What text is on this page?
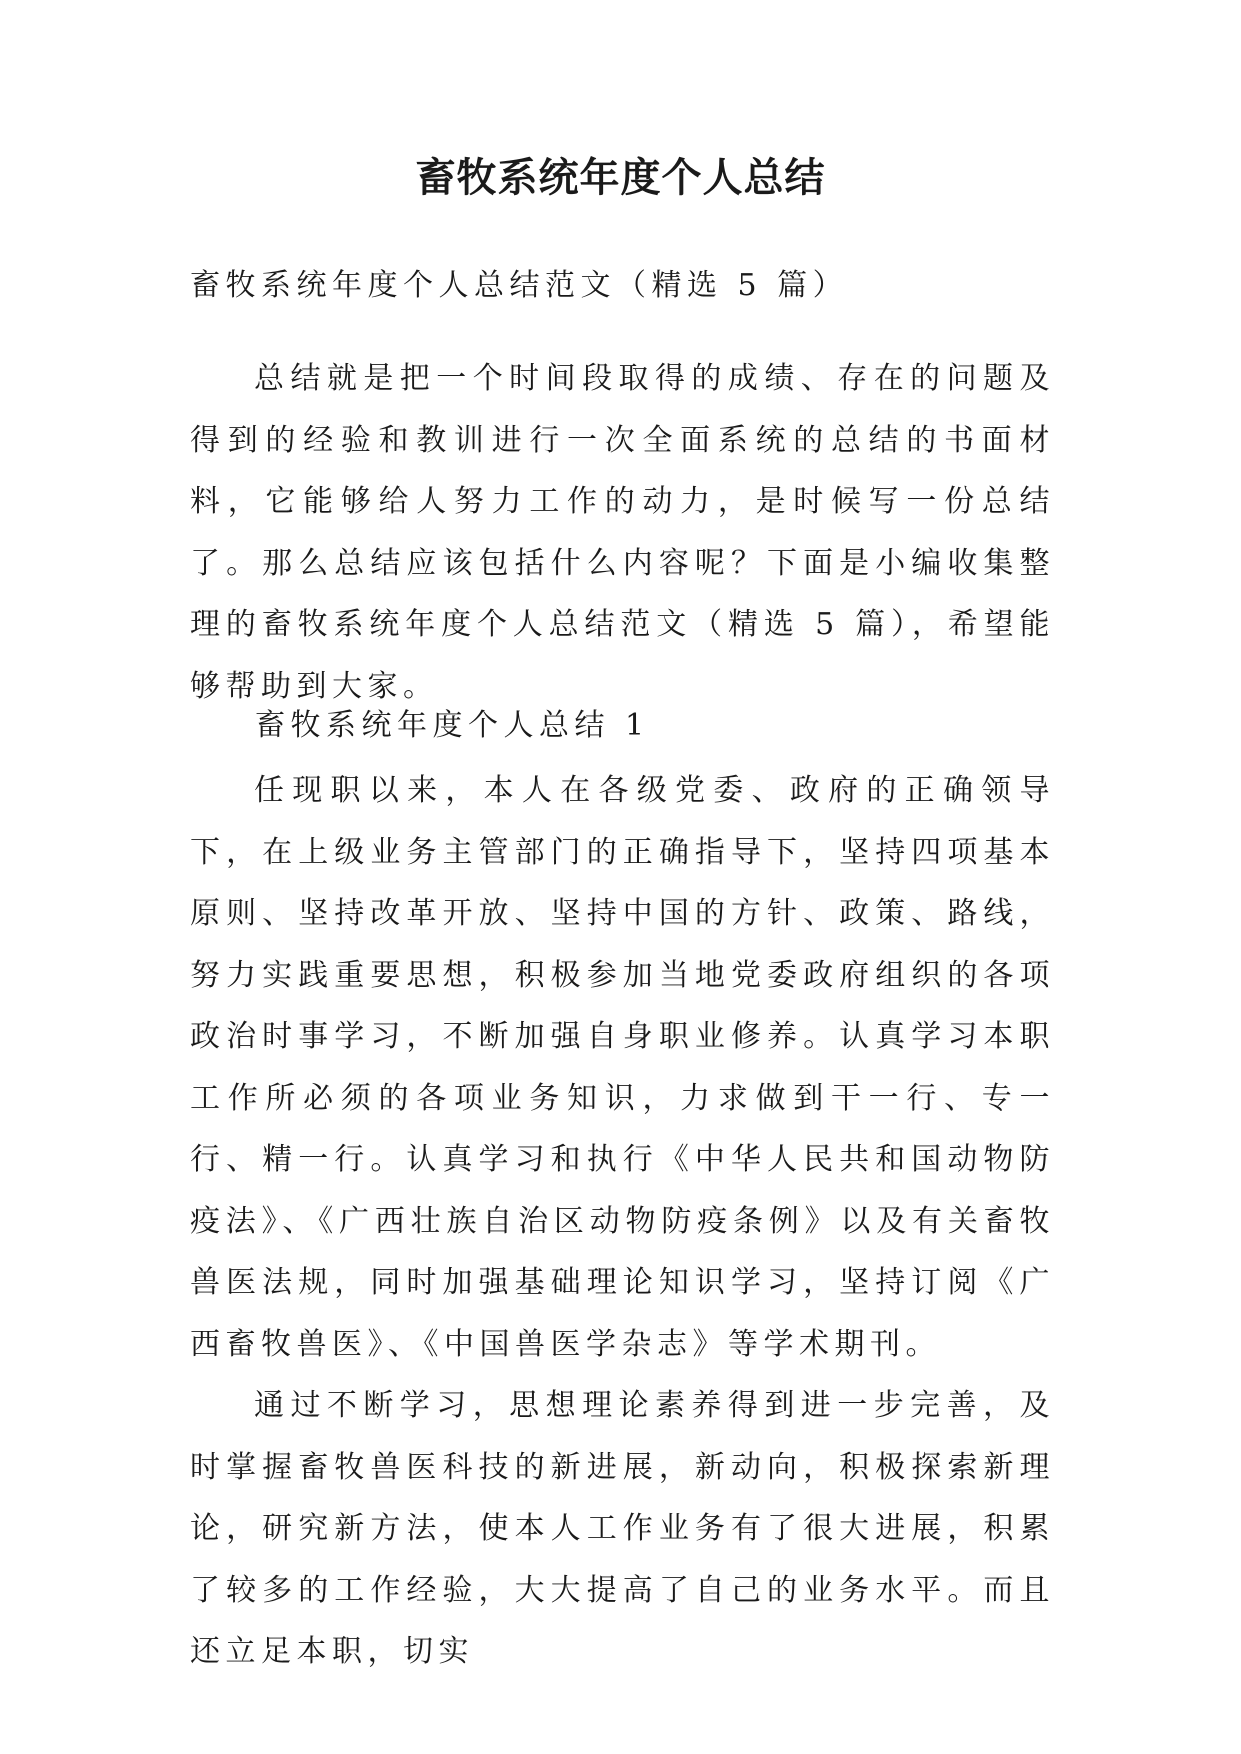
畜牧系统年度个人总结
畜牧系统年度个人总结范文（精选 5 篇）

总结就是把一个时间段取得的成绩、存在的问题及得到的经验和教训进行一次全面系统的总结的书面材料，它能够给人努力工作的动力，是时候写一份总结了。那么总结应该包括什么内容呢？下面是小编收集整理的畜牧系统年度个人总结范文（精选 5 篇），希望能够帮助到大家。

畜牧系统年度个人总结 1

任现职以来，本人在各级党委、政府的正确领导下，在上级业务主管部门的正确指导下，坚持四项基本原则、坚持改革开放、坚持中国的方针、政策、路线，努力实践重要思想，积极参加当地党委政府组织的各项政治时事学习，不断加强自身职业修养。认真学习本职工作所必须的各项业务知识，力求做到干一行、专一行、精一行。认真学习和执行《中华人民共和国动物防疫法》、《广西壮族自治区动物防疫条例》以及有关畜牧兽医法规，同时加强基础理论知识学习，坚持订阅《广西畜牧兽医》、《中国兽医学杂志》等学术期刊。

通过不断学习，思想理论素养得到进一步完善，及时掌握畜牧兽医科技的新进展，新动向，积极探索新理论，研究新方法，使本人工作业务有了很大进展，积累了较多的工作经验，大大提高了自己的业务水平。而且还立足本职，切实
